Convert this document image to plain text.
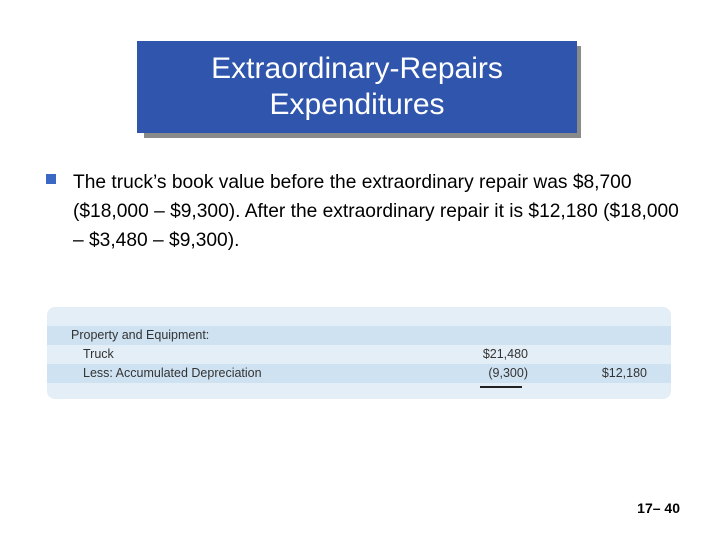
Extraordinary-Repairs
Expenditures
The truck’s book value before the extraordinary repair was $8,700 ($18,000 – $9,300). After the extraordinary repair it is $12,180 ($18,000 – $3,480 – $9,300).
Property and Equipment:
Truck	$21,480
Less: Accumulated Depreciation	(9,300)	$12,180
17– 40
